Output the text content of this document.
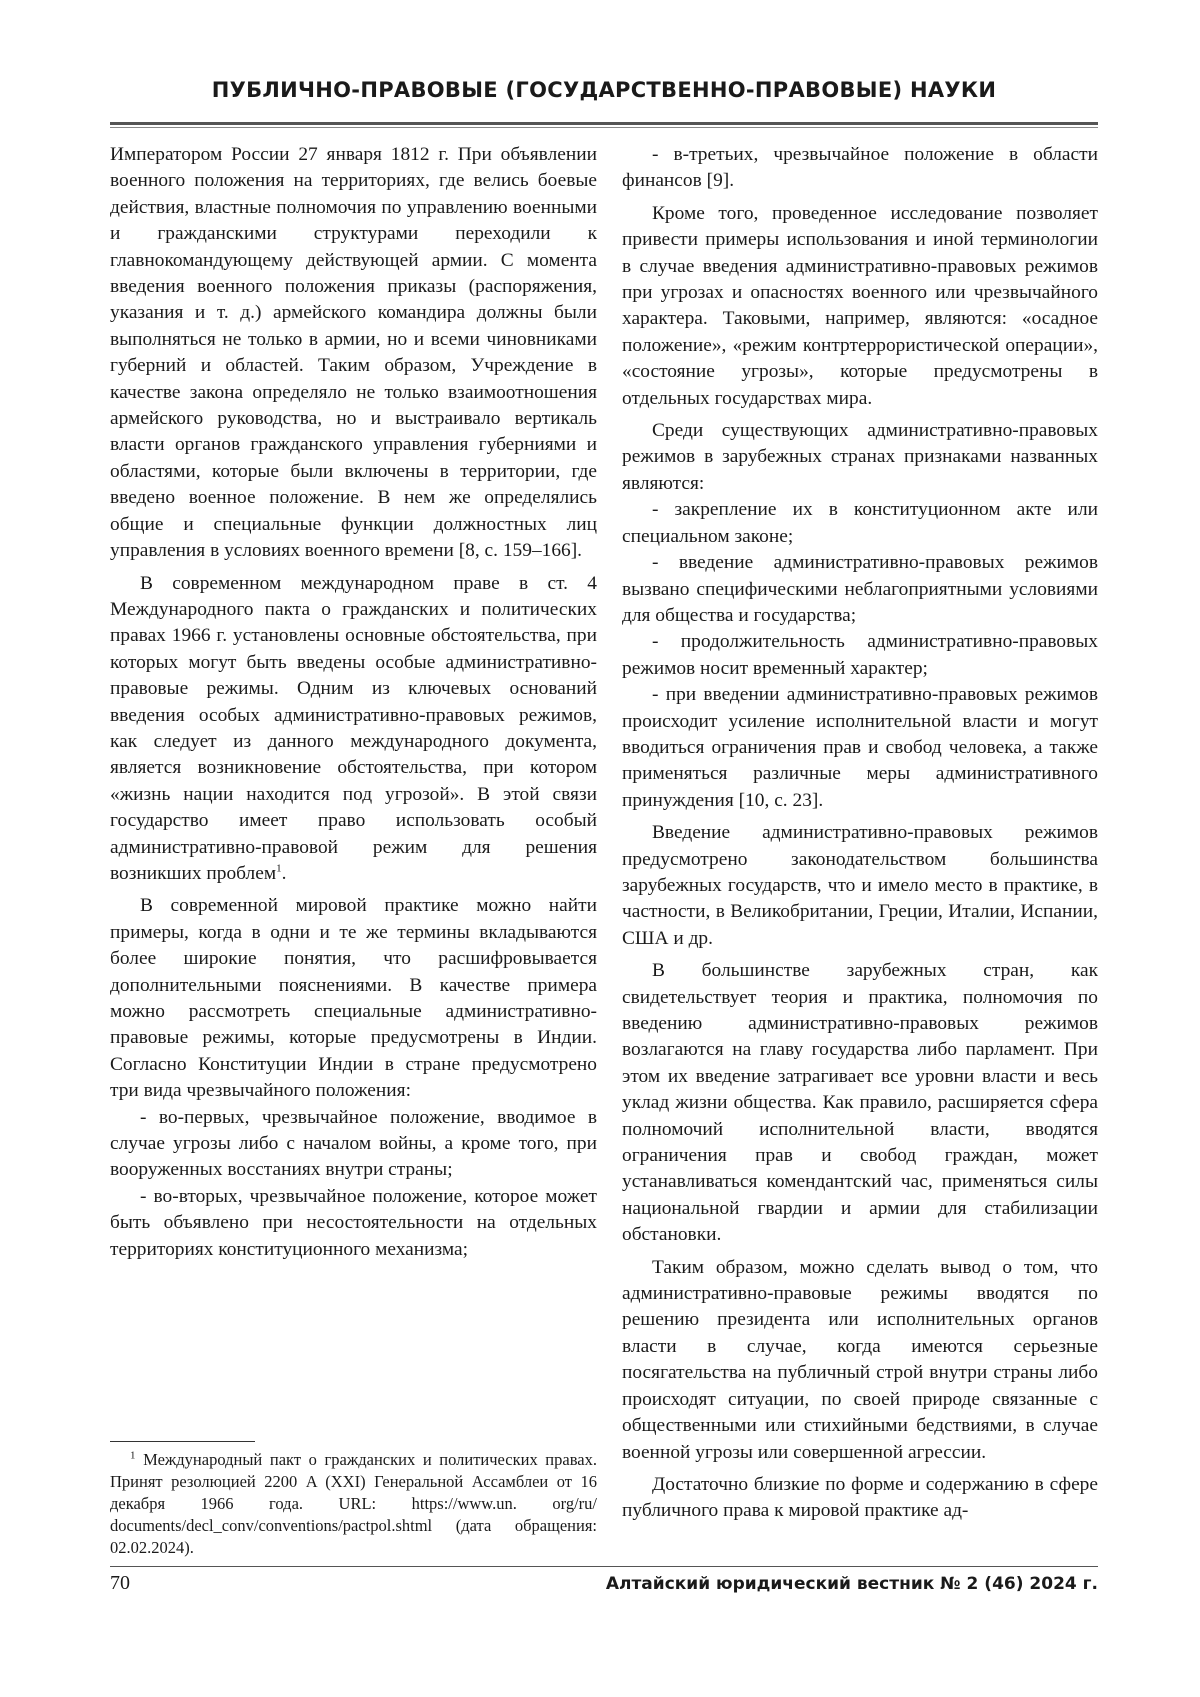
ПУБЛИЧНО-ПРАВОВЫЕ (ГОСУДАРСТВЕННО-ПРАВОВЫЕ) НАУКИ

Императором России 27 января 1812 г. При объявлении военного положения на территориях, где велись боевые действия, властные полномочия по управлению военными и гражданскими структурами переходили к главнокомандующему действующей армии. С момента введения военного положения приказы (распоряжения, указания и т. д.) армейского командира должны были выполняться не только в армии, но и всеми чиновниками губерний и областей. Таким образом, Учреждение в качестве закона определяло не только взаимоотношения армейского руководства, но и выстраивало вертикаль власти органов гражданского управления губерниями и областями, которые были включены в территории, где введено военное положение. В нем же определялись общие и специальные функции должностных лиц управления в условиях военного времени [8, с. 159–166].

В современном международном праве в ст. 4 Международного пакта о гражданских и политических правах 1966 г. установлены основные обстоятельства, при которых могут быть введены особые административно-правовые режимы. Одним из ключевых оснований введения особых административно-правовых режимов, как следует из данного международного документа, является возникновение обстоятельства, при котором «жизнь нации находится под угрозой». В этой связи государство имеет право использовать особый административно-правовой режим для решения возникших проблем$^1$.

В современной мировой практике можно найти примеры, когда в одни и те же термины вкладываются более широкие понятия, что расшифровывается дополнительными пояснениями. В качестве примера можно рассмотреть специальные административно-правовые режимы, которые предусмотрены в Индии. Согласно Конституции Индии в стране предусмотрено три вида чрезвычайного положения:

- во-первых, чрезвычайное положение, вводимое в случае угрозы либо с началом войны, а кроме того, при вооруженных восстаниях внутри страны;

- во-вторых, чрезвычайное положение, которое может быть объявлено при несостоятельности на отдельных территориях конституционного механизма;

- в-третьих, чрезвычайное положение в области финансов [9].

Кроме того, проведенное исследование позволяет привести примеры использования и иной терминологии в случае введения административно-правовых режимов при угрозах и опасностях военного или чрезвычайного характера. Таковыми, например, являются: «осадное положение», «режим контртеррористической операции», «состояние угрозы», которые предусмотрены в отдельных государствах мира.

Среди существующих административно-правовых режимов в зарубежных странах признаками названных являются:

- закрепление их в конституционном акте или специальном законе;

- введение административно-правовых режимов вызвано специфическими неблагоприятными условиями для общества и государства;

- продолжительность административно-правовых режимов носит временный характер;

- при введении административно-правовых режимов происходит усиление исполнительной власти и могут вводиться ограничения прав и свобод человека, а также применяться различные меры административного принуждения [10, с. 23].

Введение административно-правовых режимов предусмотрено законодательством большинства зарубежных государств, что и имело место в практике, в частности, в Великобритании, Греции, Италии, Испании, США и др.

В большинстве зарубежных стран, как свидетельствует теория и практика, полномочия по введению административно-правовых режимов возлагаются на главу государства либо парламент. При этом их введение затрагивает все уровни власти и весь уклад жизни общества. Как правило, расширяется сфера полномочий исполнительной власти, вводятся ограничения прав и свобод граждан, может устанавливаться комендантский час, применяться силы национальной гвардии и армии для стабилизации обстановки.

Таким образом, можно сделать вывод о том, что административно-правовые режимы вводятся по решению президента или исполнительных органов власти в случае, когда имеются серьезные посягательства на публичный строй внутри страны либо происходят ситуации, по своей природе связанные с общественными или стихийными бедствиями, в случае военной угрозы или совершенной агрессии.

Достаточно близкие по форме и содержанию в сфере публичного права к мировой практике ад-

$^1$ Международный пакт о гражданских и политических правах. Принят резолюцией 2200 A (XXI) Генеральной Ассамблеи от 16 декабря 1966 года. URL: https://www.un. org/ru/ documents/decl_conv/conventions/pactpol.shtml (дата обращения: 02.02.2024).

70	Алтайский юридический вестник № 2 (46) 2024 г.
